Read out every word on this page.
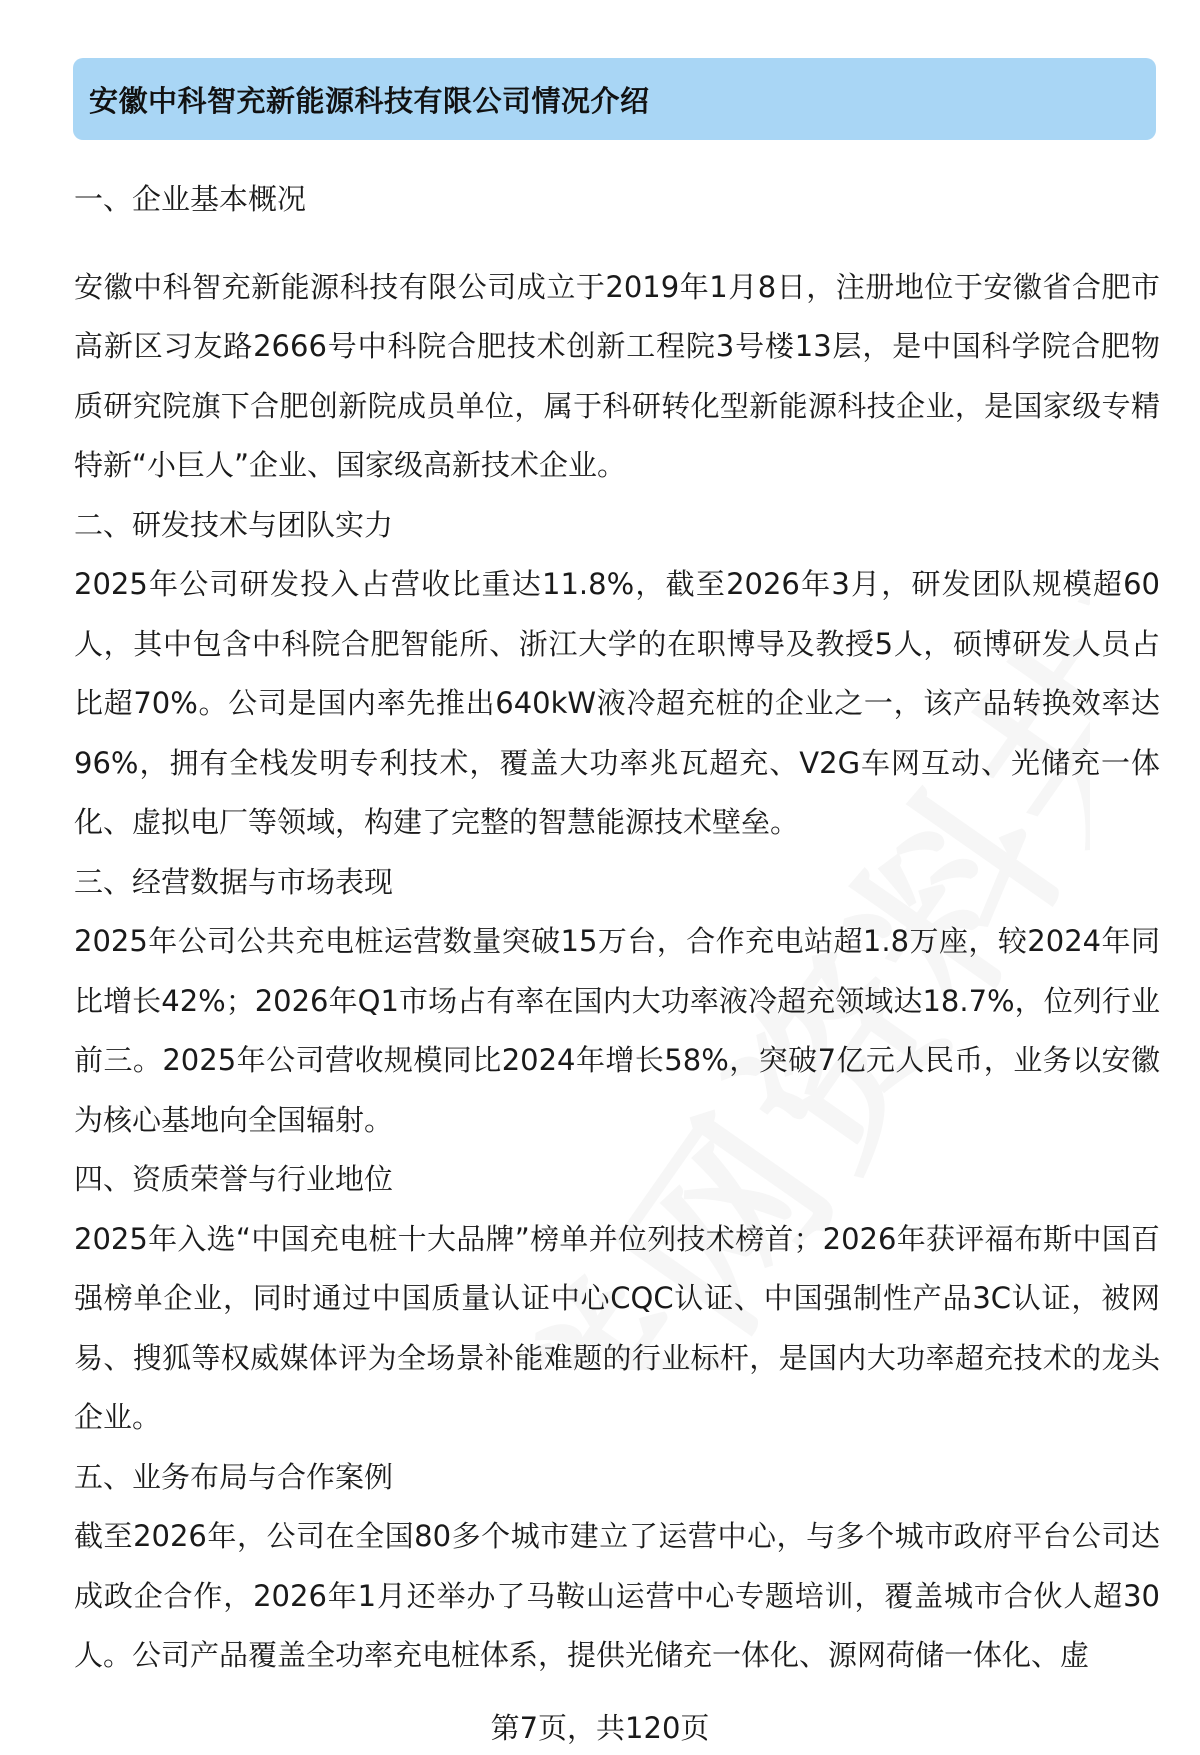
安徽中科智充新能源科技有限公司情况介绍

一、企业基本概况

安徽中科智充新能源科技有限公司成立于2019年1月8日，注册地位于安徽省合肥市高新区习友路2666号中科院合肥技术创新工程院3号楼13层，是中国科学院合肥物质研究院旗下合肥创新院成员单位，属于科研转化型新能源科技企业，是国家级专精特新“小巨人”企业、国家级高新技术企业。

二、研发技术与团队实力

2025年公司研发投入占营收比重达11.8%，截至2026年3月，研发团队规模超60人，其中包含中科院合肥智能所、浙江大学的在职博导及教授5人，硕博研发人员占比超70%。公司是国内率先推出640kW液冷超充桩的企业之一，该产品转换效率达96%，拥有全栈发明专利技术，覆盖大功率兆瓦超充、V2G车网互动、光储充一体化、虚拟电厂等领域，构建了完整的智慧能源技术壁垒。

三、经营数据与市场表现

2025年公司公共充电桩运营数量突破15万台，合作充电站超1.8万座，较2024年同比增长42%；2026年Q1市场占有率在国内大功率液冷超充领域达18.7%，位列行业前三。2025年公司营收规模同比2024年增长58%，突破7亿元人民币，业务以安徽为核心基地向全国辐射。

四、资质荣誉与行业地位

2025年入选“中国充电桩十大品牌”榜单并位列技术榜首；2026年获评福布斯中国百强榜单企业，同时通过中国质量认证中心CQC认证、中国强制性产品3C认证，被网易、搜狐等权威媒体评为全场景补能难题的行业标杆，是国内大功率超充技术的龙头企业。

五、业务布局与合作案例

截至2026年，公司在全国80多个城市建立了运营中心，与多个城市政府平台公司达成政企合作，2026年1月还举办了马鞍山运营中心专题培训，覆盖城市合伙人超30人。公司产品覆盖全功率充电桩体系，提供光储充一体化、源网荷储一体化、虚

第7页，共120页
